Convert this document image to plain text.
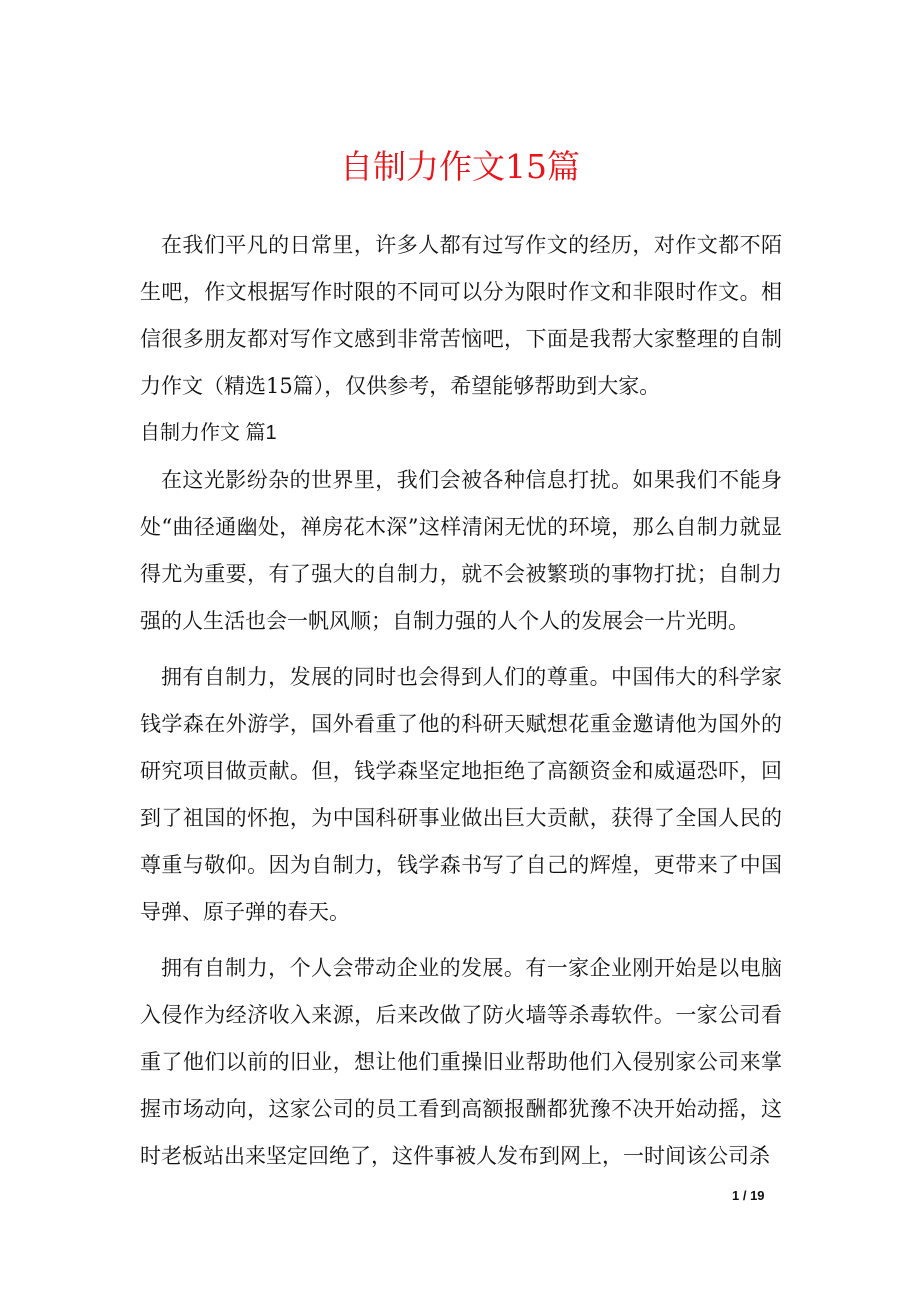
自制力作文15篇

在我们平凡的日常里，许多人都有过写作文的经历，对作文都不陌生吧，作文根据写作时限的不同可以分为限时作文和非限时作文。相信很多朋友都对写作文感到非常苦恼吧，下面是我帮大家整理的自制力作文（精选15篇），仅供参考，希望能够帮助到大家。

自制力作文 篇1

在这光影纷杂的世界里，我们会被各种信息打扰。如果我们不能身处“曲径通幽处，禅房花木深”这样清闲无忧的环境，那么自制力就显得尤为重要，有了强大的自制力，就不会被繁琐的事物打扰；自制力强的人生活也会一帆风顺；自制力强的人个人的发展会一片光明。

拥有自制力，发展的同时也会得到人们的尊重。中国伟大的科学家钱学森在外游学，国外看重了他的科研天赋想花重金邀请他为国外的研究项目做贡献。但，钱学森坚定地拒绝了高额资金和威逼恐吓，回到了祖国的怀抱，为中国科研事业做出巨大贡献，获得了全国人民的尊重与敬仰。因为自制力，钱学森书写了自己的辉煌，更带来了中国导弹、原子弹的春天。

拥有自制力，个人会带动企业的发展。有一家企业刚开始是以电脑入侵作为经济收入来源，后来改做了防火墙等杀毒软件。一家公司看重了他们以前的旧业，想让他们重操旧业帮助他们入侵别家公司来掌握市场动向，这家公司的员工看到高额报酬都犹豫不决开始动摇，这时老板站出来坚定回绝了，这件事被人发布到网上，一时间该公司杀

1 / 19
